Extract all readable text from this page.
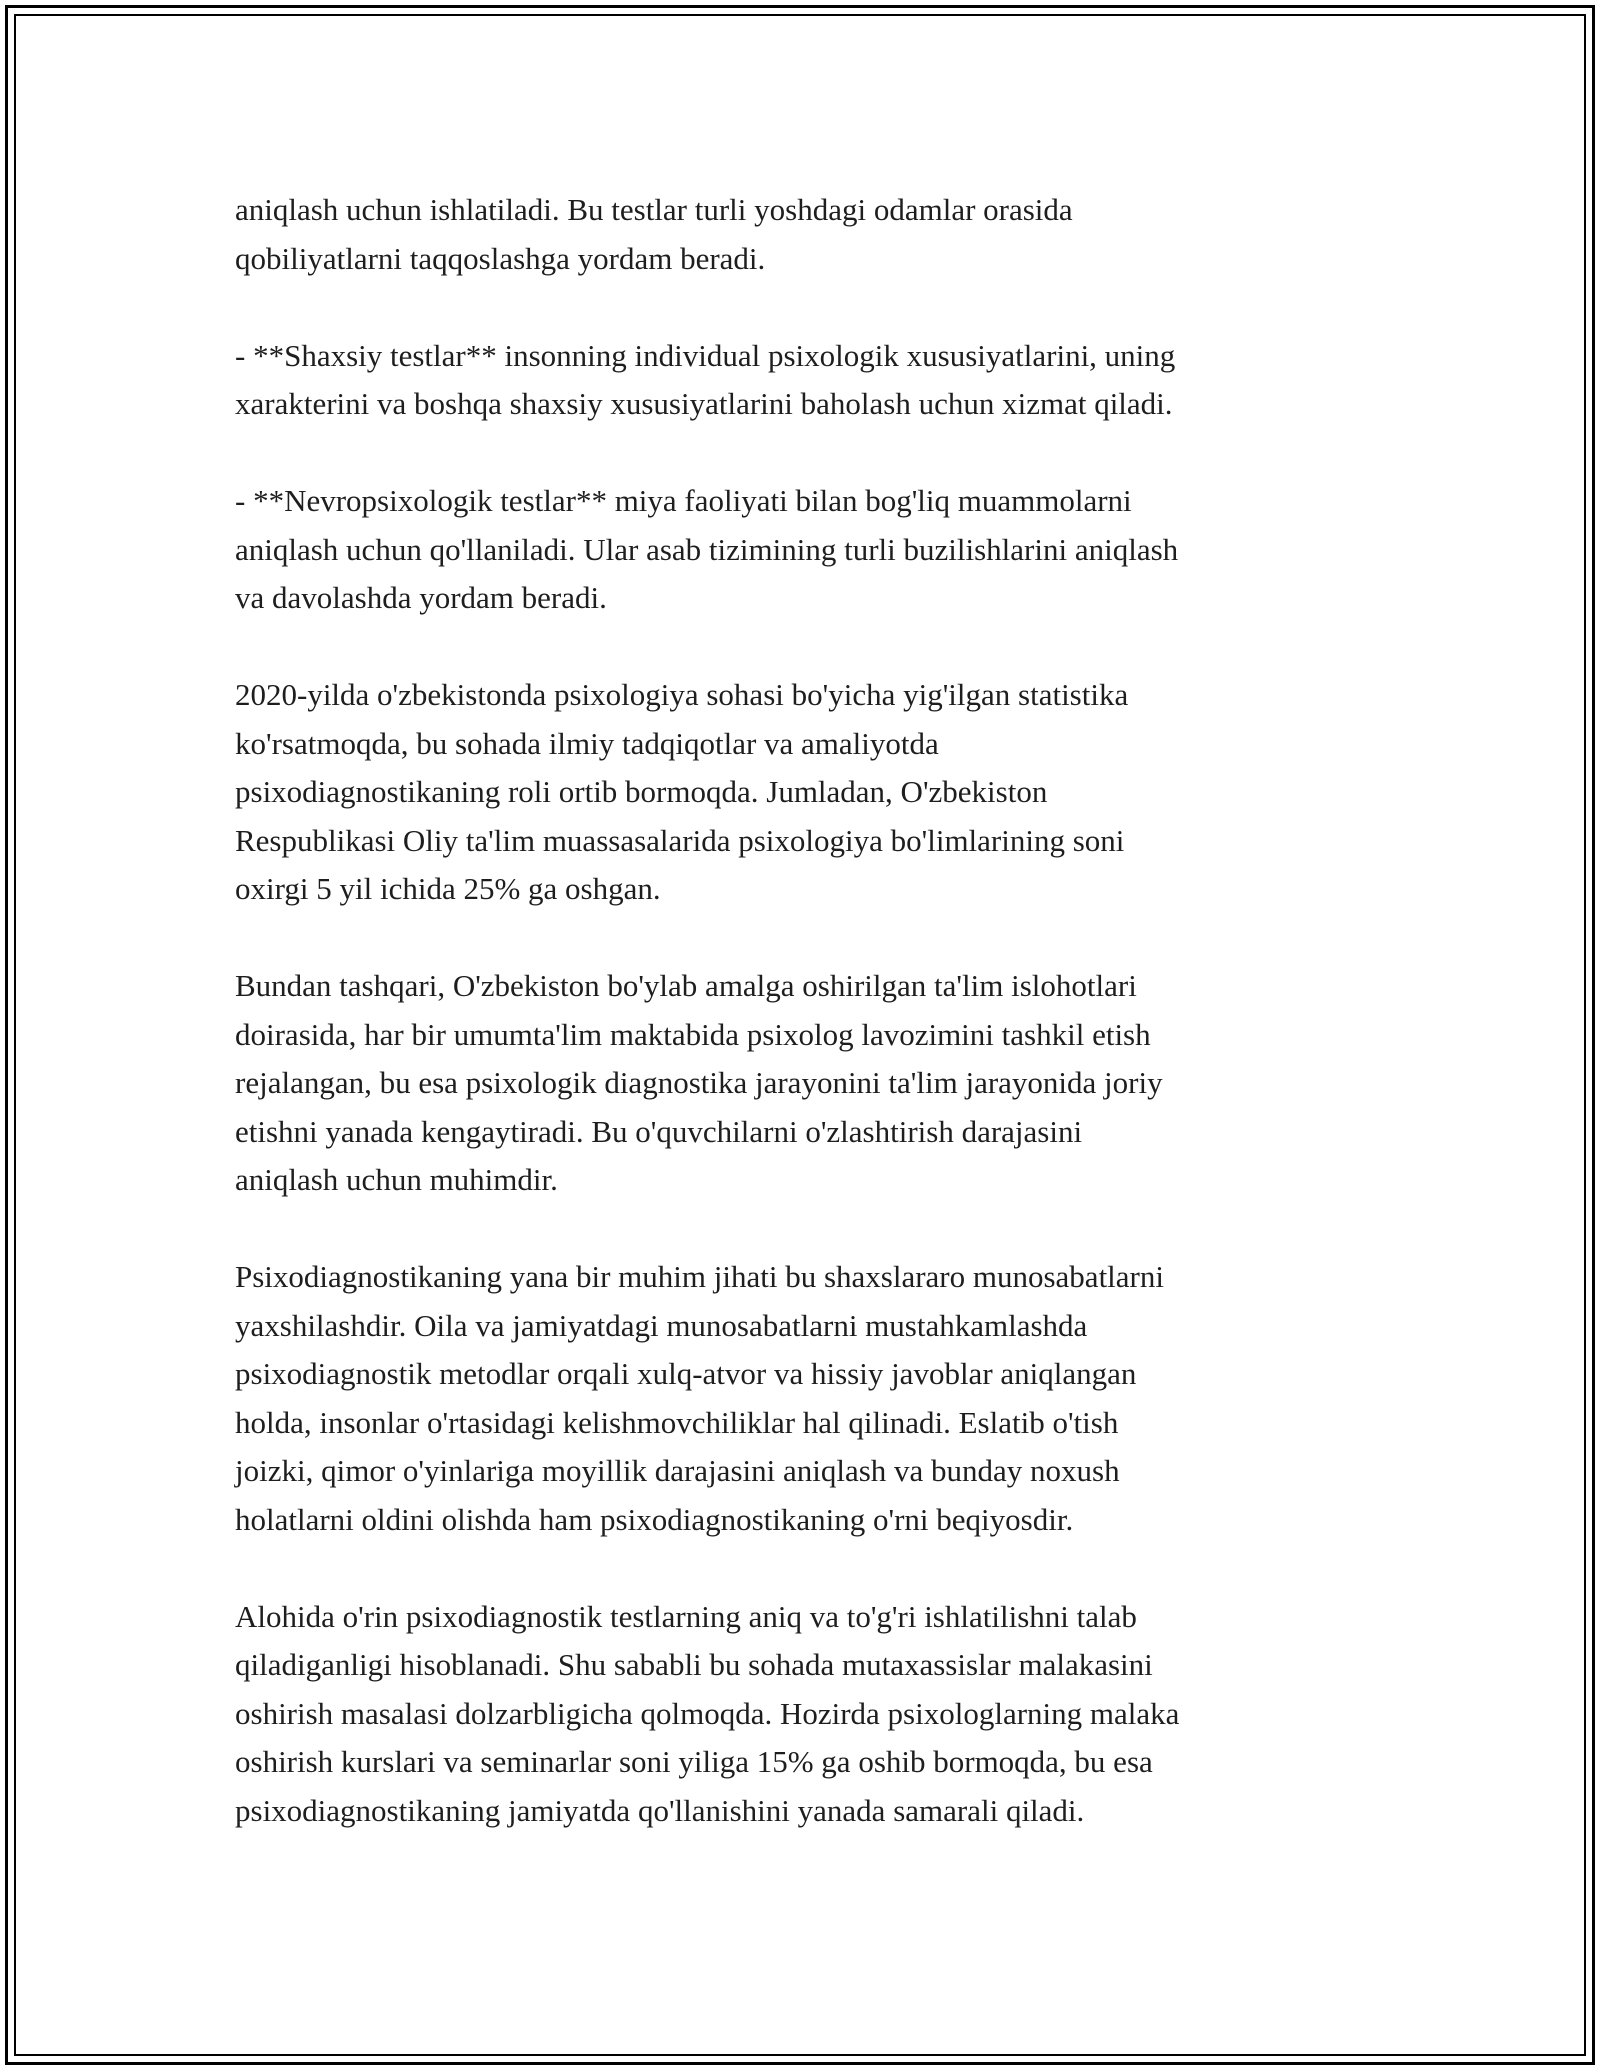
aniqlash uchun ishlatiladi. Bu testlar turli yoshdagi odamlar orasida
qobiliyatlarni taqqoslashga yordam beradi.

- **Shaxsiy testlar** insonning individual psixologik xususiyatlarini, uning
xarakterini va boshqa shaxsiy xususiyatlarini baholash uchun xizmat qiladi.

- **Nevropsixologik testlar** miya faoliyati bilan bog'liq muammolarni
aniqlash uchun qo'llaniladi. Ular asab tizimining turli buzilishlarini aniqlash
va davolashda yordam beradi.

2020-yilda o'zbekistonda psixologiya sohasi bo'yicha yig'ilgan statistika
ko'rsatmoqda, bu sohada ilmiy tadqiqotlar va amaliyotda
psixodiagnostikaning roli ortib bormoqda. Jumladan, O'zbekiston
Respublikasi Oliy ta'lim muassasalarida psixologiya bo'limlarining soni
oxirgi 5 yil ichida 25% ga oshgan.

Bundan tashqari, O'zbekiston bo'ylab amalga oshirilgan ta'lim islohotlari
doirasida, har bir umumta'lim maktabida psixolog lavozimini tashkil etish
rejalangan, bu esa psixologik diagnostika jarayonini ta'lim jarayonida joriy
etishni yanada kengaytiradi. Bu o'quvchilarni o'zlashtirish darajasini
aniqlash uchun muhimdir.

Psixodiagnostikaning yana bir muhim jihati bu shaxslararo munosabatlarni
yaxshilashdir. Oila va jamiyatdagi munosabatlarni mustahkamlashda
psixodiagnostik metodlar orqali xulq-atvor va hissiy javoblar aniqlangan
holda, insonlar o'rtasidagi kelishmovchiliklar hal qilinadi. Eslatib o'tish
joizki, qimor o'yinlariga moyillik darajasini aniqlash va bunday noxush
holatlarni oldini olishda ham psixodiagnostikaning o'rni beqiyosdir.

Alohida o'rin psixodiagnostik testlarning aniq va to'g'ri ishlatilishni talab
qiladiganligi hisoblanadi. Shu sababli bu sohada mutaxassislar malakasini
oshirish masalasi dolzarbligicha qolmoqda. Hozirda psixologlarning malaka
oshirish kurslari va seminarlar soni yiliga 15% ga oshib bormoqda, bu esa
psixodiagnostikaning jamiyatda qo'llanishini yanada samarali qiladi.
